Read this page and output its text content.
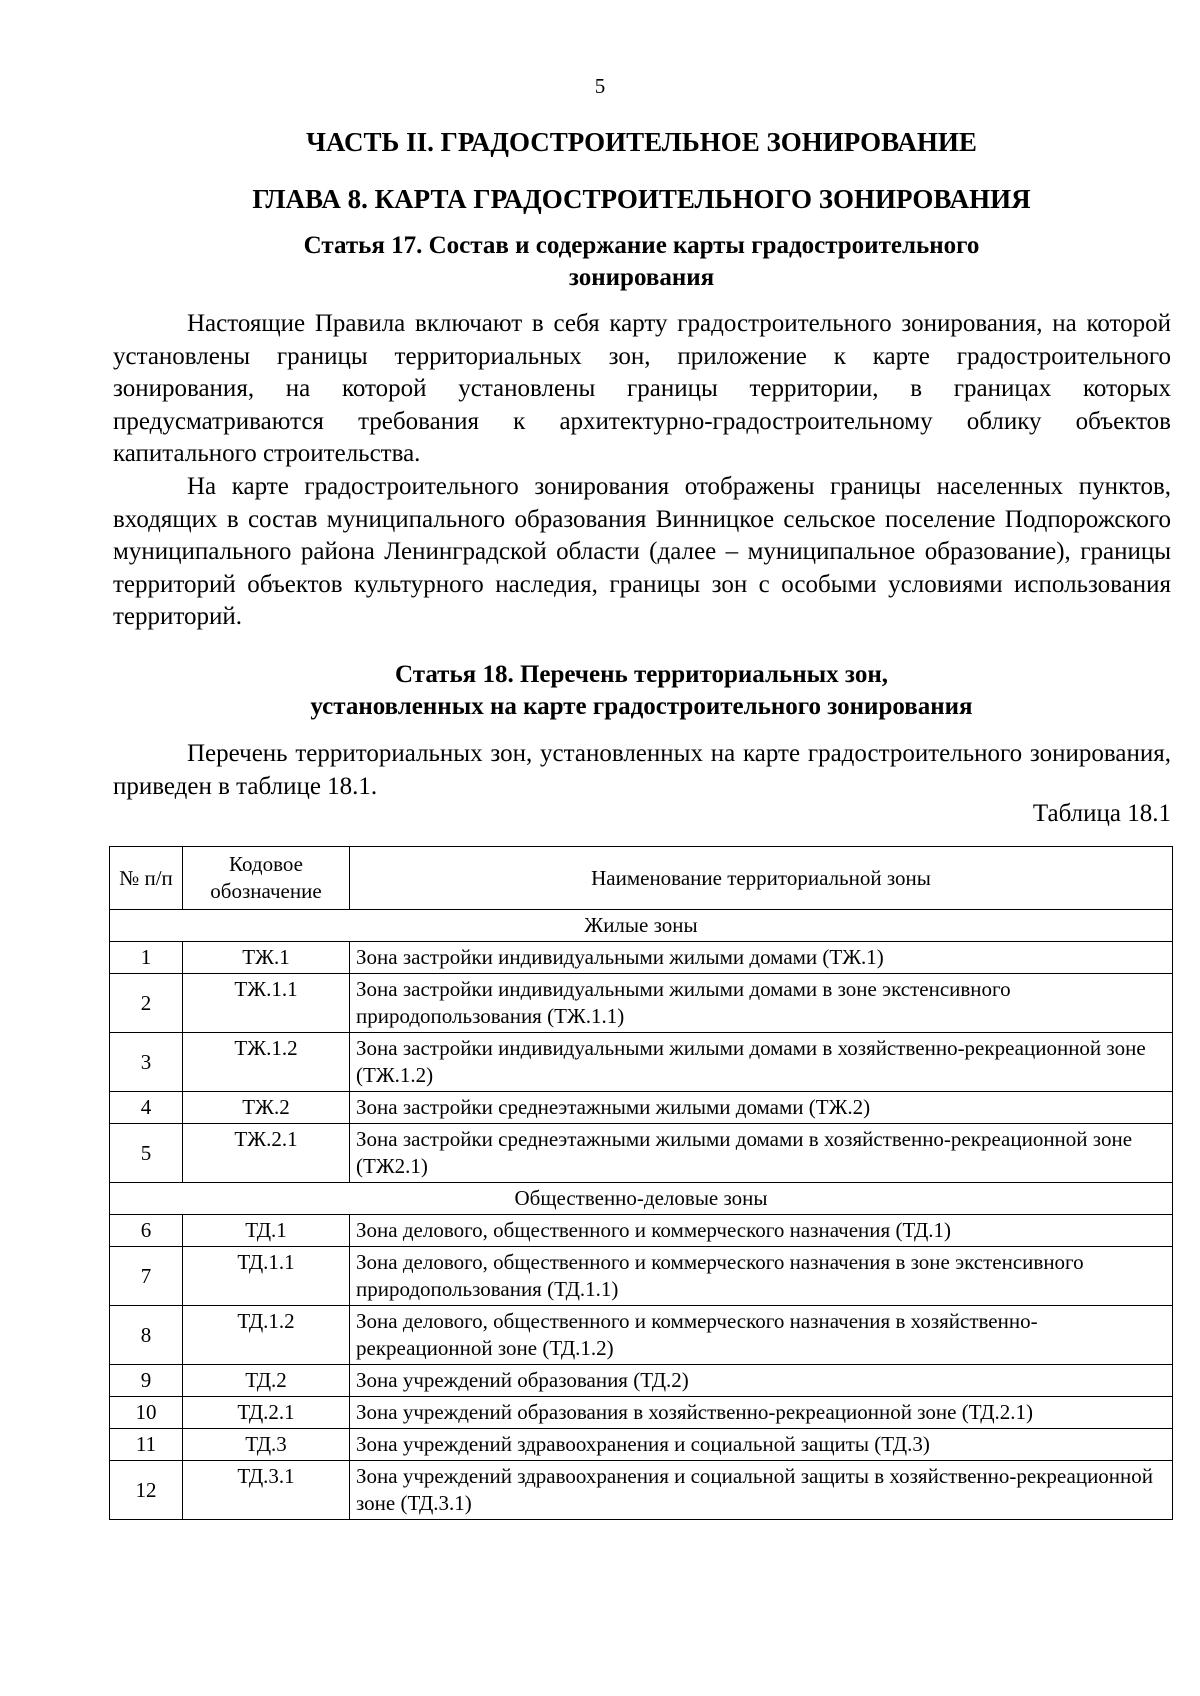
5
ЧАСТЬ II. ГРАДОСТРОИТЕЛЬНОЕ ЗОНИРОВАНИЕ
ГЛАВА 8. КАРТА ГРАДОСТРОИТЕЛЬНОГО ЗОНИРОВАНИЯ
Статья 17. Состав и содержание карты градостроительного
зонирования

Настоящие Правила включают в себя карту градостроительного зонирования, на которой установлены границы территориальных зон, приложение к карте градостроительного зонирования, на которой установлены границы территории, в границах которых предусматриваются требования к архитектурно-градостроительному облику объектов капитального строительства.

На карте градостроительного зонирования отображены границы населенных пунктов, входящих в состав муниципального образования Винницкое сельское поселение Подпорожского муниципального района Ленинградской области (далее – муниципальное образование), границы территорий объектов культурного наследия, границы зон с особыми условиями использования территорий.

Статья 18. Перечень территориальных зон,
установленных на карте градостроительного зонирования

Перечень территориальных зон, установленных на карте градостроительного зонирования, приведен в таблице 18.1.

Таблица 18.1
№ п/п	Кодовое обозначение	Наименование территориальной зоны
Жилые зоны		
1	ТЖ.1	Зона застройки индивидуальными жилыми домами (ТЖ.1)
2	ТЖ.1.1	Зона застройки индивидуальными жилыми домами в зоне экстенсивного природопользования (ТЖ.1.1)
3	ТЖ.1.2	Зона застройки индивидуальными жилыми домами в хозяйственно-рекреационной зоне (ТЖ.1.2)
4	ТЖ.2	Зона застройки среднеэтажными жилыми домами (ТЖ.2)
5	ТЖ.2.1	Зона застройки среднеэтажными жилыми домами в хозяйственно-рекреационной зоне (ТЖ2.1)
Общественно-деловые зоны		
6	ТД.1	Зона делового, общественного и коммерческого назначения (ТД.1)
7	ТД.1.1	Зона делового, общественного и коммерческого назначения в зоне экстенсивного природопользования (ТД.1.1)
8	ТД.1.2	Зона делового, общественного и коммерческого назначения в хозяйственно-рекреационной зоне (ТД.1.2)
9	ТД.2	Зона учреждений образования (ТД.2)
10	ТД.2.1	Зона учреждений образования в хозяйственно-рекреационной зоне (ТД.2.1)
11	ТД.3	Зона учреждений здравоохранения и социальной защиты (ТД.3)
12	ТД.3.1	Зона учреждений здравоохранения и социальной защиты в хозяйственно-рекреационной зоне (ТД.3.1)
